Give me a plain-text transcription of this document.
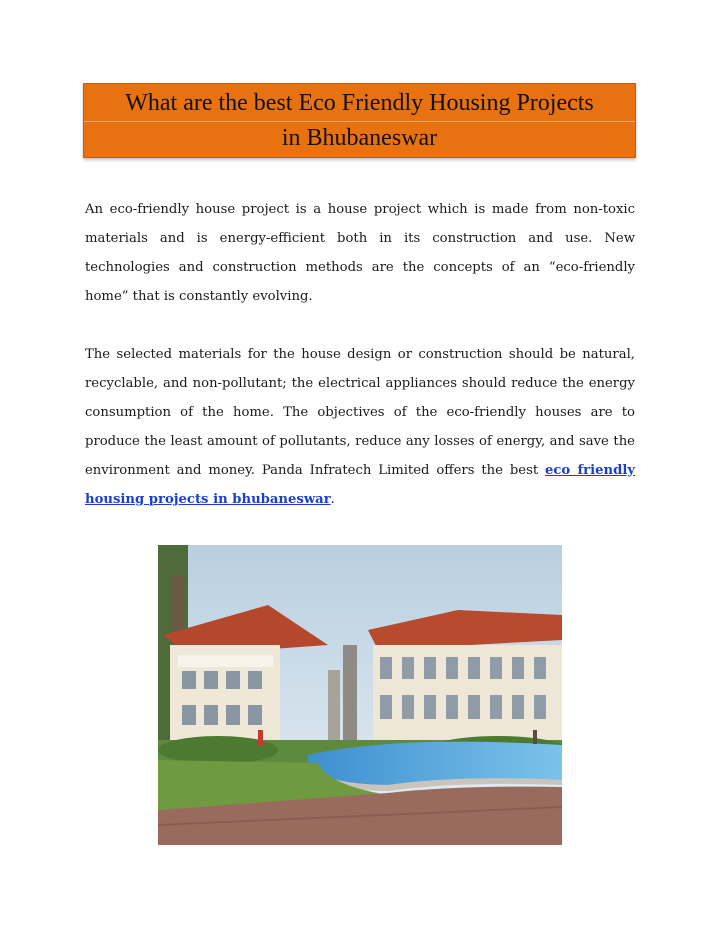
What are the best Eco Friendly Housing Projects
in Bhubaneswar

An eco-friendly house project is a house project which is made from non-toxic materials and is energy-efficient both in its construction and use. New technologies and construction methods are the concepts of an “eco-friendly home” that is constantly evolving.

The selected materials for the house design or construction should be natural, recyclable, and non-pollutant; the electrical appliances should reduce the energy consumption of the home. The objectives of the eco-friendly houses are to produce the least amount of pollutants, reduce any losses of energy, and save the environment and money. Panda Infratech Limited offers the best eco friendly housing projects in bhubaneswar.
